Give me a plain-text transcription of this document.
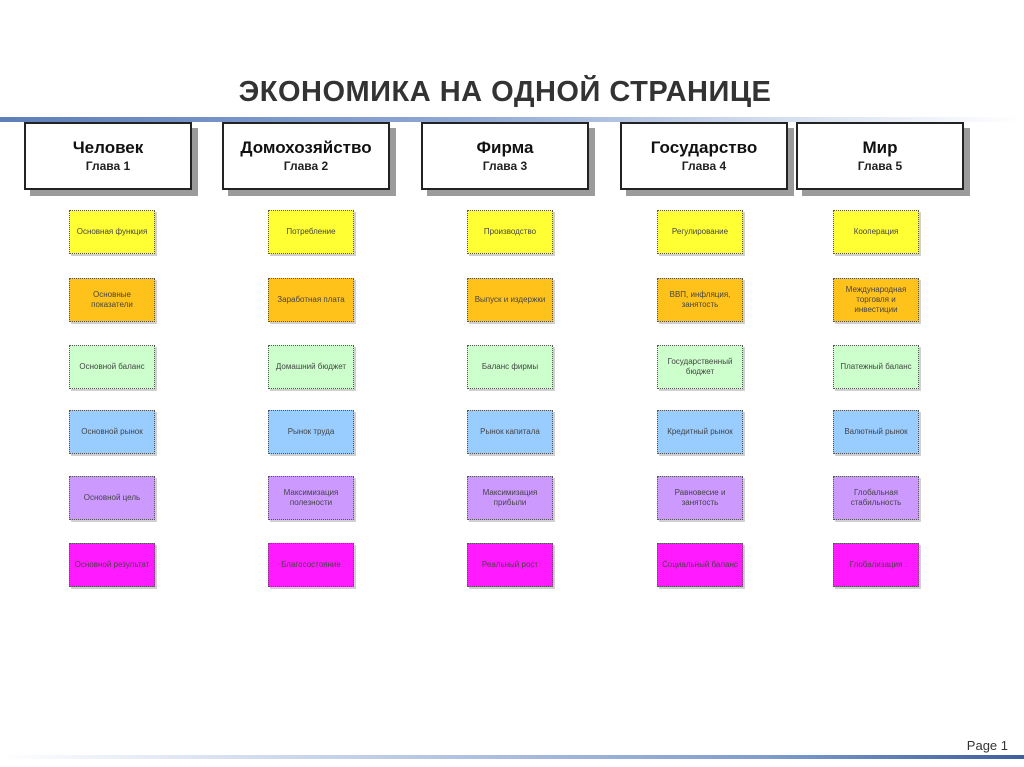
ЭКОНОМИКА НА ОДНОЙ СТРАНИЦЕ
Человек
Глава 1
Основная функция
Основные показатели
Основной баланс
Основной рынок
Основной цель
Основной результат
Домохозяйство
Глава 2
Потребление
Заработная плата
Домашний бюджет
Рынок труда
Максимизация полезности
Благосостояние
Фирма
Глава 3
Производство
Выпуск и издержки
Баланс фирмы
Рынок капитала
Максимизация прибыли
Реальный рост
Государство
Глава 4
Регулирование
ВВП, инфляция, занятость
Государственный бюджет
Кредитный рынок
Равновесие и занятость
Социальный баланс
Мир
Глава 5
Кооперация
Международная торговля и инвестиции
Платежный баланс
Валютный рынок
Глобальная стабильность
Глобализация
Page 1
